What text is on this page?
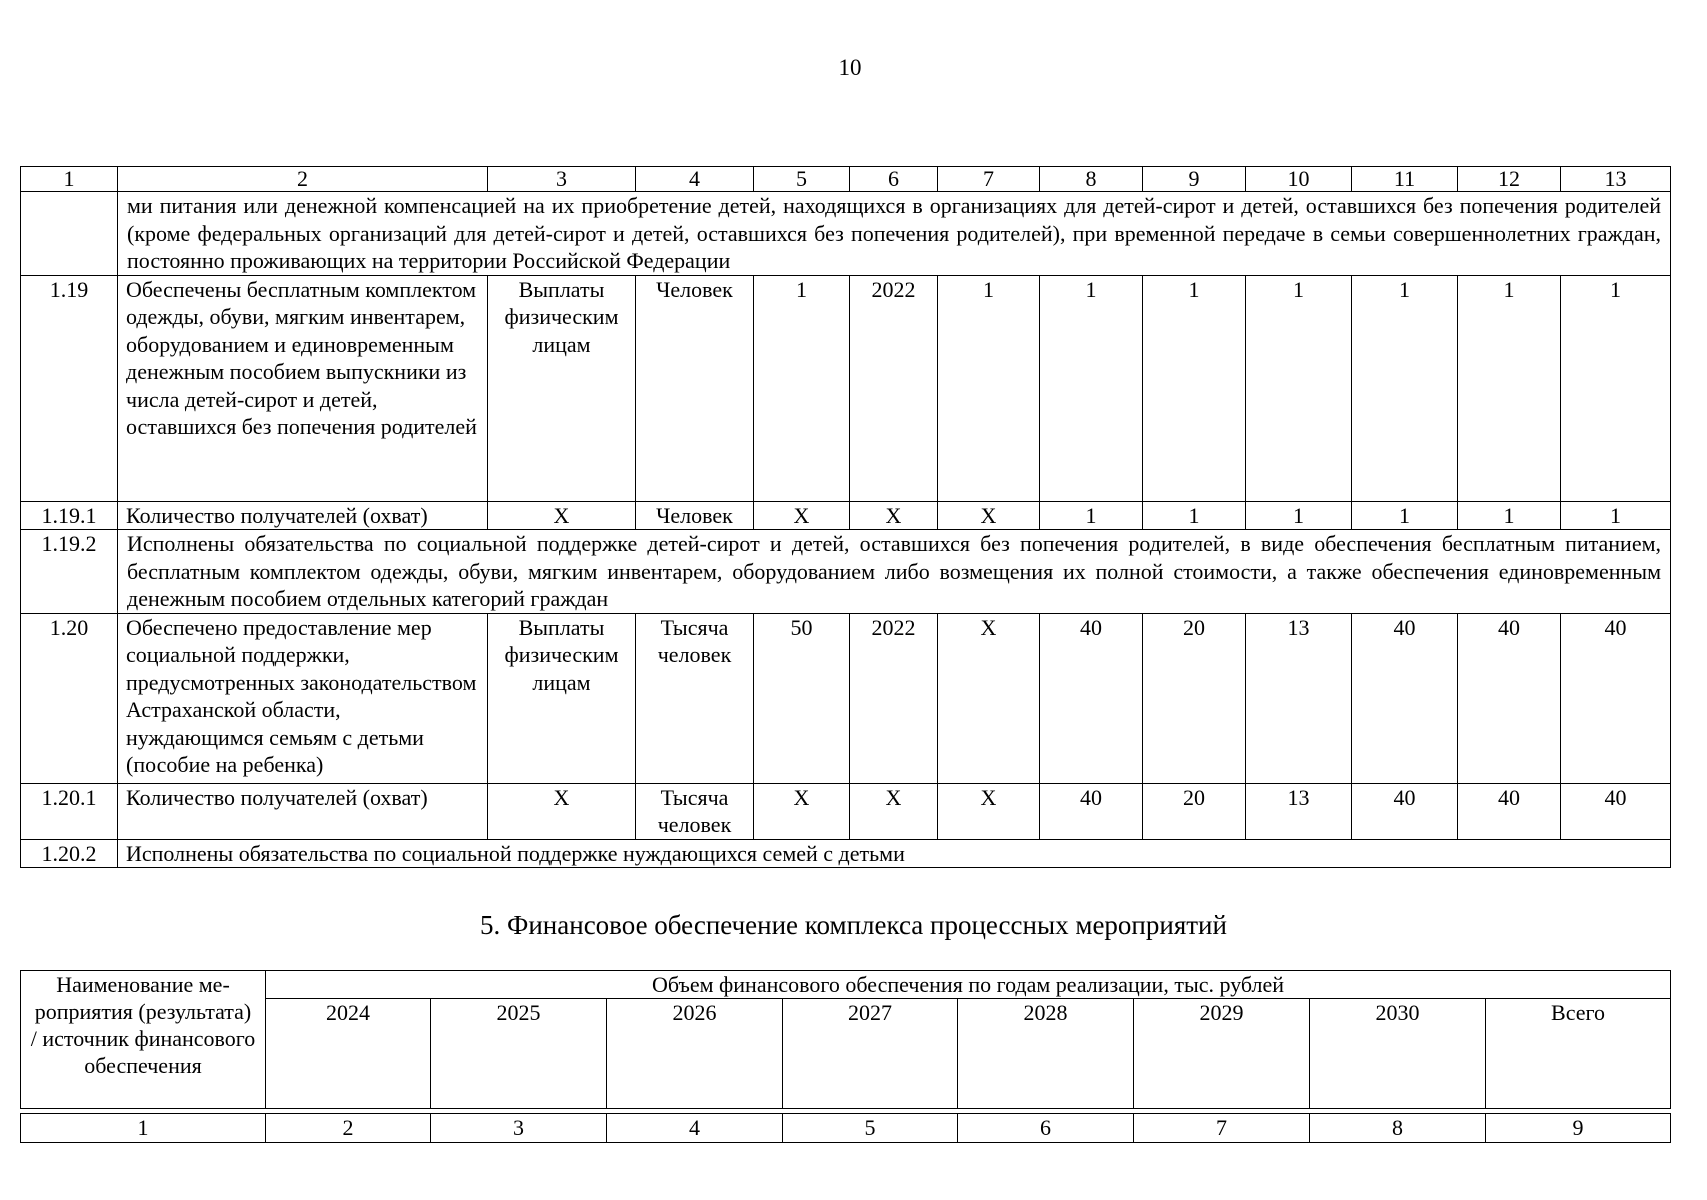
10
1	2	3	4	5	6	7	8	9	10	11	12	13
	ми питания или денежной компенсацией на их приобретение детей, находящихся в организациях для детей-сирот и детей, оставшихся без попечения родителей (кроме федеральных организаций для детей-сирот и детей, оставшихся без попечения родителей), при временной передаче в семьи совершеннолетних граждан, постоянно проживающих на территории Российской Федерации											
1.19	Обеспечены бесплатным комплектом одежды, обуви, мягким инвентарем, оборудованием и единовременным денежным пособием выпускники из числа детей-сирот и детей, оставшихся без попечения родителей	Выплаты физическим лицам	Человек	1	2022	1	1	1	1	1	1	1
1.19.1	Количество получателей (охват)	Х	Человек	Х	Х	Х	1	1	1	1	1	1
1.19.2	Исполнены обязательства по социальной поддержке детей-сирот и детей, оставшихся без попечения родителей, в виде обеспечения бесплатным питанием, бесплатным комплектом одежды, обуви, мягким инвентарем, оборудованием либо возмещения их полной стоимости, а также обеспечения единовременным денежным пособием отдельных категорий граждан											
1.20	Обеспечено предоставление мер социальной поддержки, предусмотренных законодательством Астраханской области, нуждающимся семьям с детьми (пособие на ребенка)	Выплаты физическим лицам	Тысяча человек	50	2022	Х	40	20	13	40	40	40
1.20.1	Количество получателей (охват)	Х	Тысяча человек	Х	Х	Х	40	20	13	40	40	40
1.20.2	Исполнены обязательства по социальной поддержке нуждающихся семей с детьми											
5. Финансовое обеспечение комплекса процессных мероприятий
Наименование мероприятия (результата) / источник финансового обеспечения	Объем финансового обеспечения по годам реализации, тыс. рублей							
	2024	2025	2026	2027	2028	2029	2030	Всего

1	2	3	4	5	6	7	8	9
